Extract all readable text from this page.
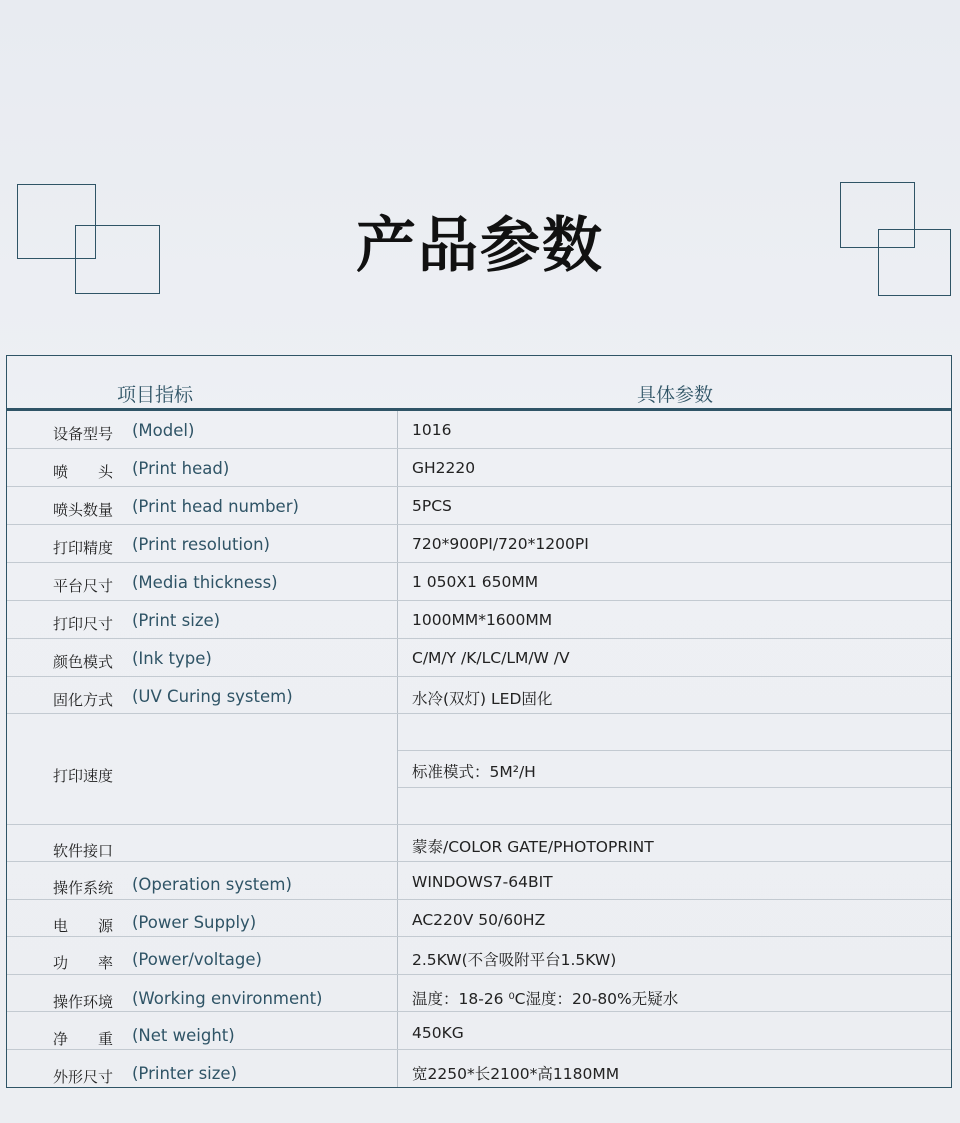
产品参数
项目指标	具体参数
设备型号 (Model)	1016
喷　　头 (Print head)	GH2220
喷头数量 (Print head number)	5PCS
打印精度 (Print resolution)	720*900PI/720*1200PI
平台尺寸 (Media thickness)	1 050X1 650MM
打印尺寸 (Print size)	1000MM*1600MM
颜色模式 (Ink type)	C/M/Y /K/LC/LM/W /V
固化方式 (UV Curing system)	水冷(双灯) LED固化
打印速度	标准模式：5M²/H
软件接口	蒙泰/COLOR GATE/PHOTOPRINT
操作系统 (Operation system)	WINDOWS7-64BIT
电　　源 (Power Supply)	AC220V 50/60HZ
功　　率 (Power/voltage)	2.5KW(不含吸附平台1.5KW)
操作环境 (Working environment)	温度：18-26 ⁰C湿度：20-80%无疑水
净　　重 (Net weight)	450KG
外形尺寸 (Printer size)	宽2250*长2100*高1180MM
